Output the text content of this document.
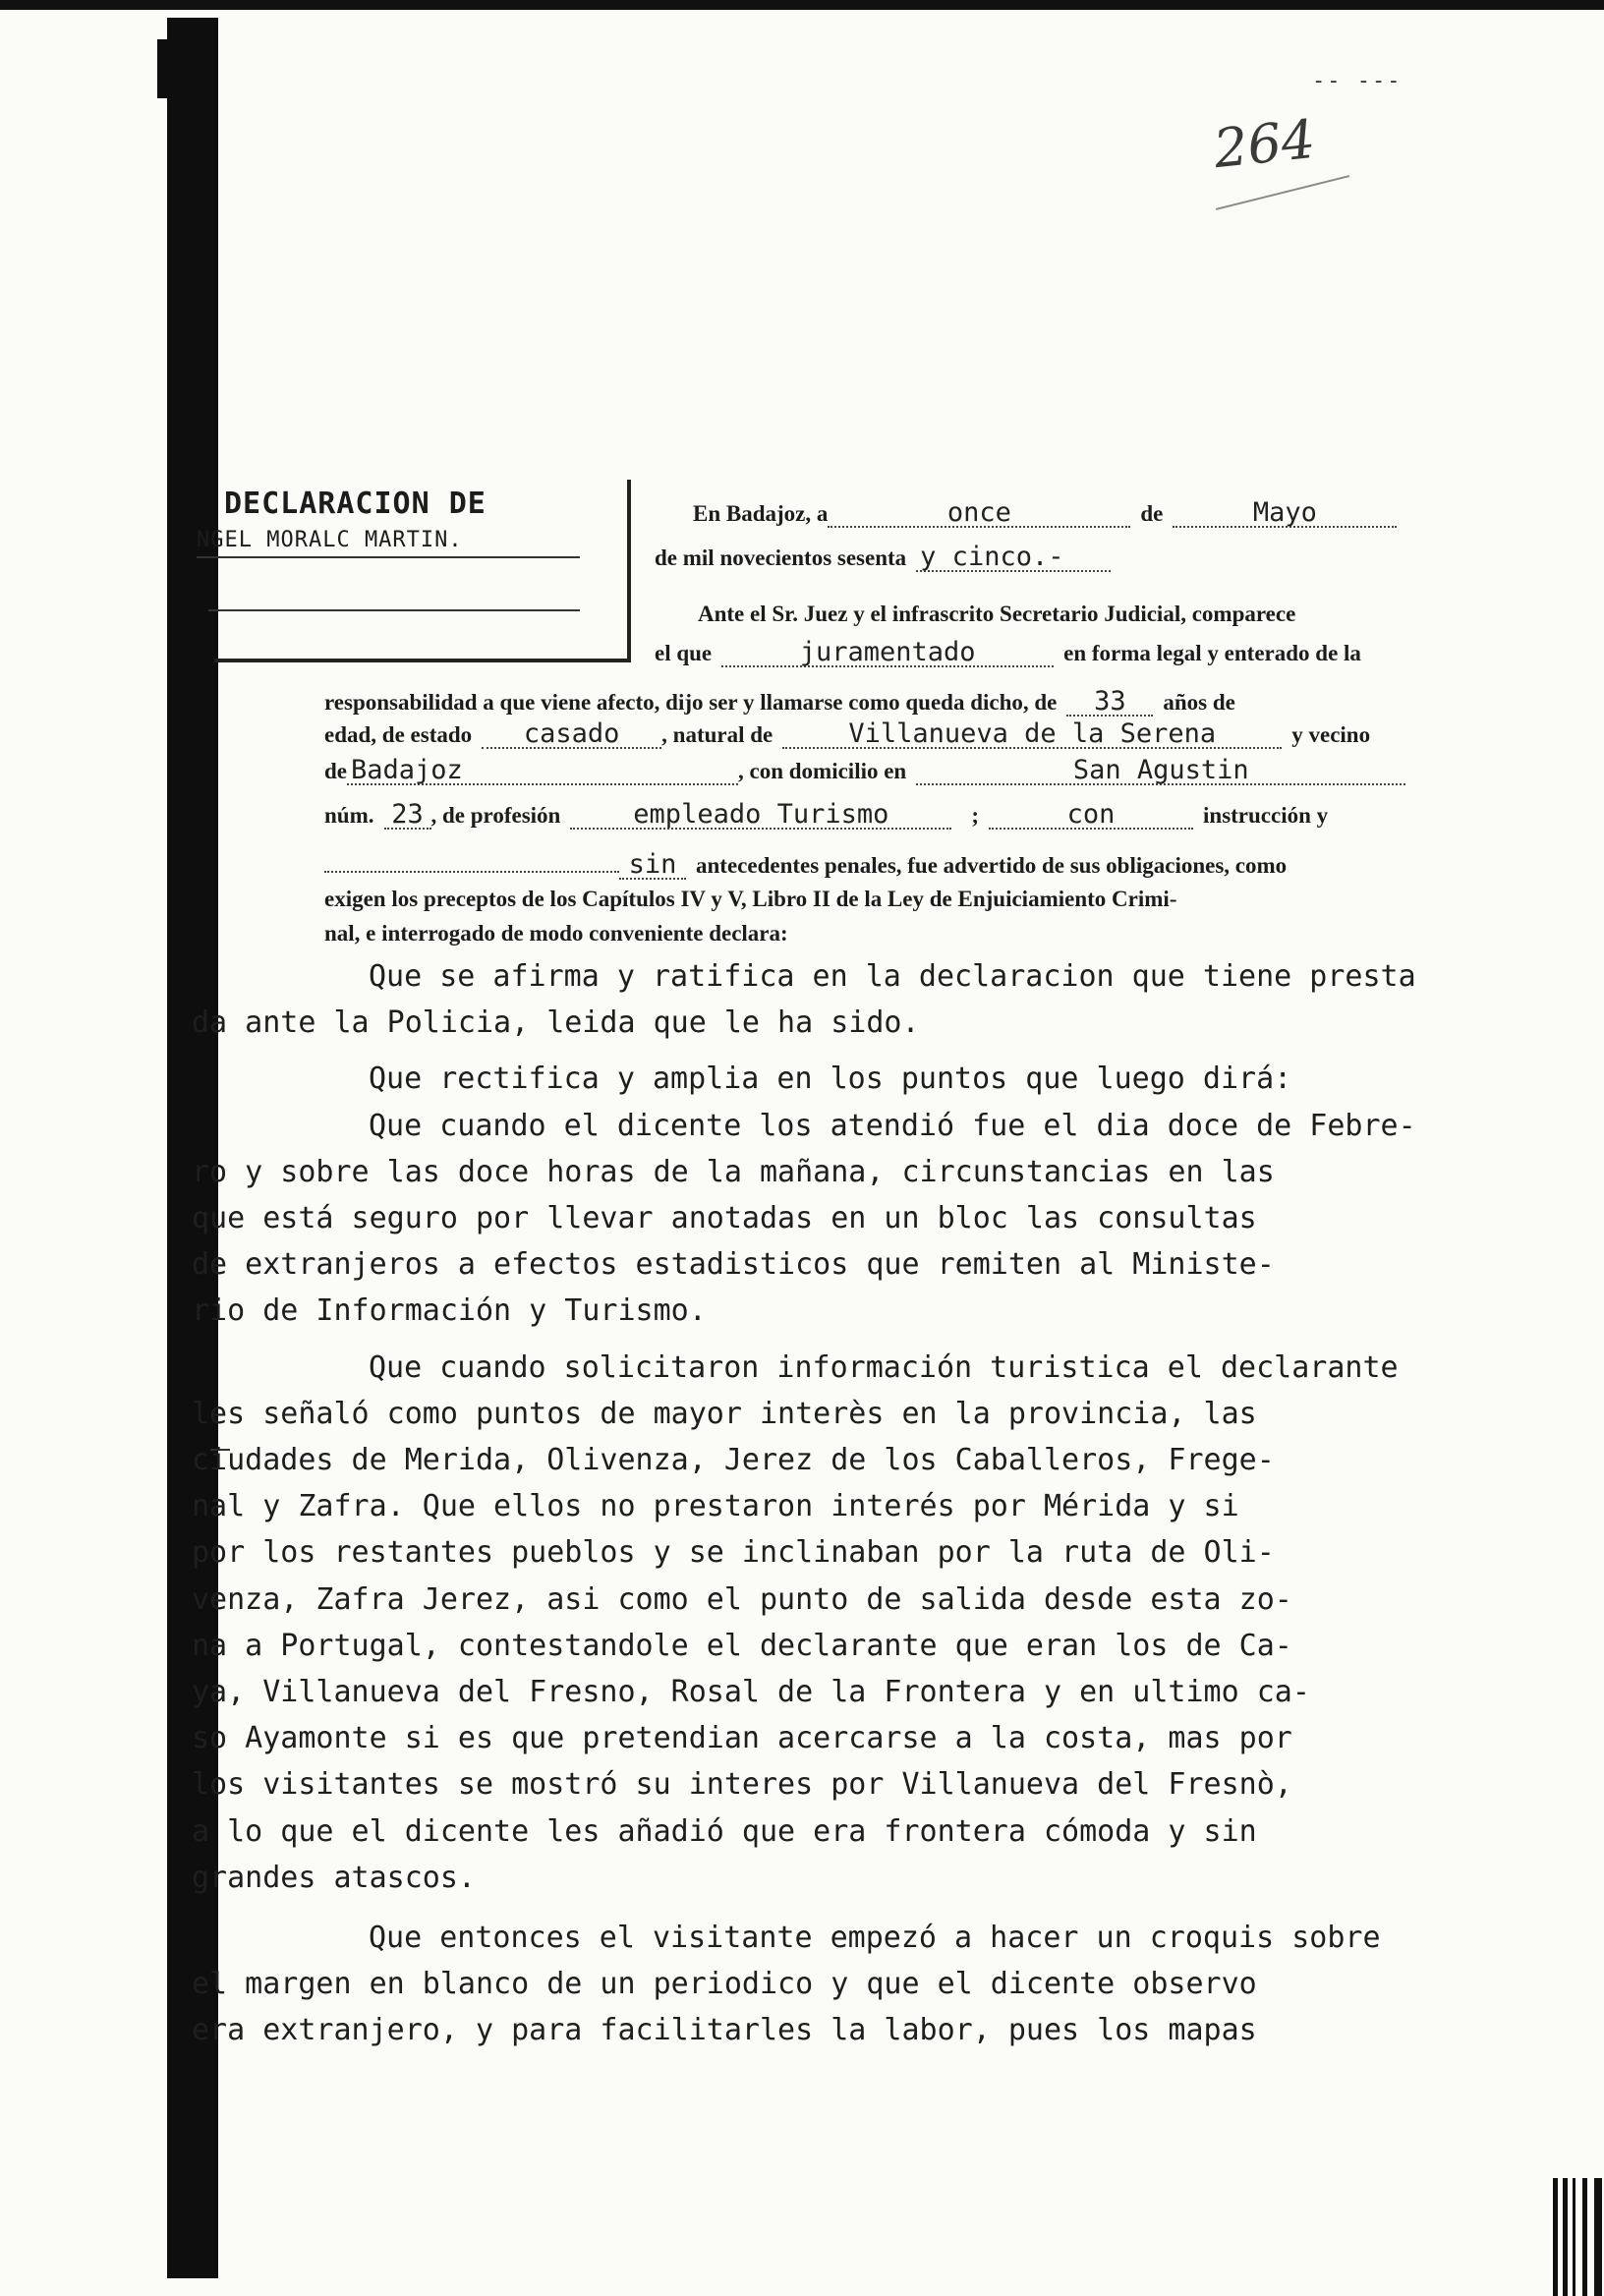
-- ---
264
DECLARACION DE
NGEL MORALC MARTIN.
En Badajoz, a	once	de	Mayo
de mil novecientos sesenta y cinco.-
Ante el Sr. Juez y el infrascrito Secretario Judicial, comparece
el que	juramentado	en forma legal y enterado de la
responsabilidad a que viene afecto, dijo ser y llamarse como queda dicho, de	33	años de
edad, de estado	casado	, natural de	Villanueva de la Serena	y vecino
de Badajoz	, con domicilio en	San Agustin
núm. 23 , de profesión	empleado Turismo	;	con	instrucción y
sin antecedentes penales, fue advertido de sus obligaciones, como
exigen los preceptos de los Capítulos IV y V, Libro II de la Ley de Enjuiciamiento Crimi-
nal, e interrogado de modo conveniente declara:

Que se afirma y ratifica en la declaracion que tiene presta
da ante la Policia, leida que le ha sido.

Que rectifica y amplia en los puntos que luego dirá:

Que cuando el dicente los atendió fue el dia doce de Febre-
ro y sobre las doce horas de la mañana, circunstancias en las
que está seguro por llevar anotadas en un bloc las consultas
de extranjeros a efectos estadisticos que remiten al Ministe-
rio de Información y Turismo.

Que cuando solicitaron información turistica el declarante
les señaló como puntos de mayor interès en la provincia, las
ciudades de Merida, Olivenza, Jerez de los Caballeros, Frege-
nal y Zafra. Que ellos no prestaron interés por Mérida y si
por los restantes pueblos y se inclinaban por la ruta de Oli-
venza, Zafra Jerez, asi como el punto de salida desde esta zo-
na a Portugal, contestandole el declarante que eran los de Ca-
ya, Villanueva del Fresno, Rosal de la Frontera y en ultimo ca-
so Ayamonte si es que pretendian acercarse a la costa, mas por
los visitantes se mostró su interes por Villanueva del Fresnò,
a lo que el dicente les añadió que era frontera cómoda y sin
grandes atascos.

Que entonces el visitante empezó a hacer un croquis sobre
el margen en blanco de un periodico y que el dicente observo
era extranjero, y para facilitarles la labor, pues los mapas
